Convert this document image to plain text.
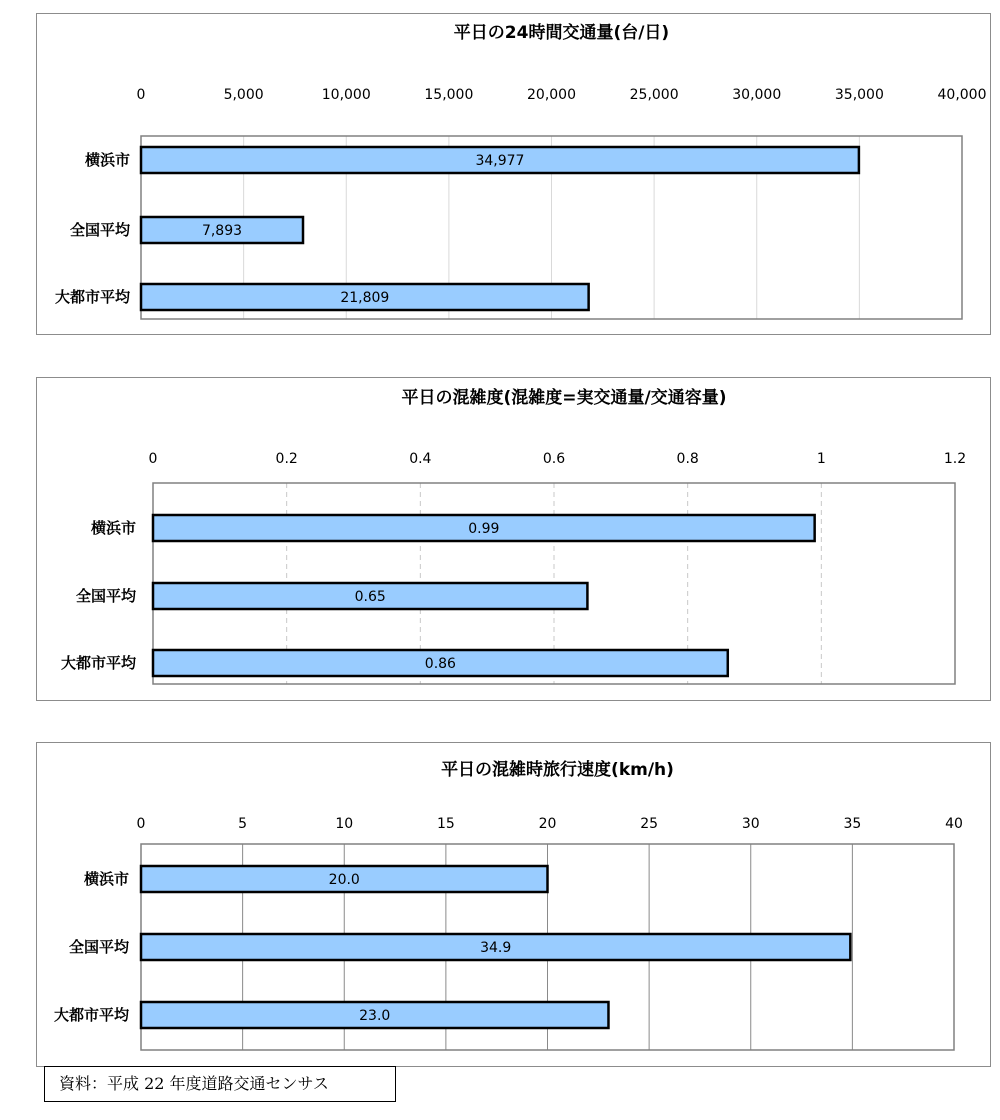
平日の24時間交通量(台/日)
0	5,000	10,000	15,000	20,000	25,000	30,000	35,000	40,000
横浜市	34,977
全国平均	7,893
大都市平均	21,809
平日の混雑度(混雑度=実交通量/交通容量)
0	0.2	0.4	0.6	0.8	1	1.2
横浜市	0.99
全国平均	0.65
大都市平均	0.86
平日の混雑時旅行速度(km/h)
0	5	10	15	20	25	30	35	40
横浜市	20.0
全国平均	34.9
大都市平均	23.0
資料：平成 22 年度道路交通センサス
